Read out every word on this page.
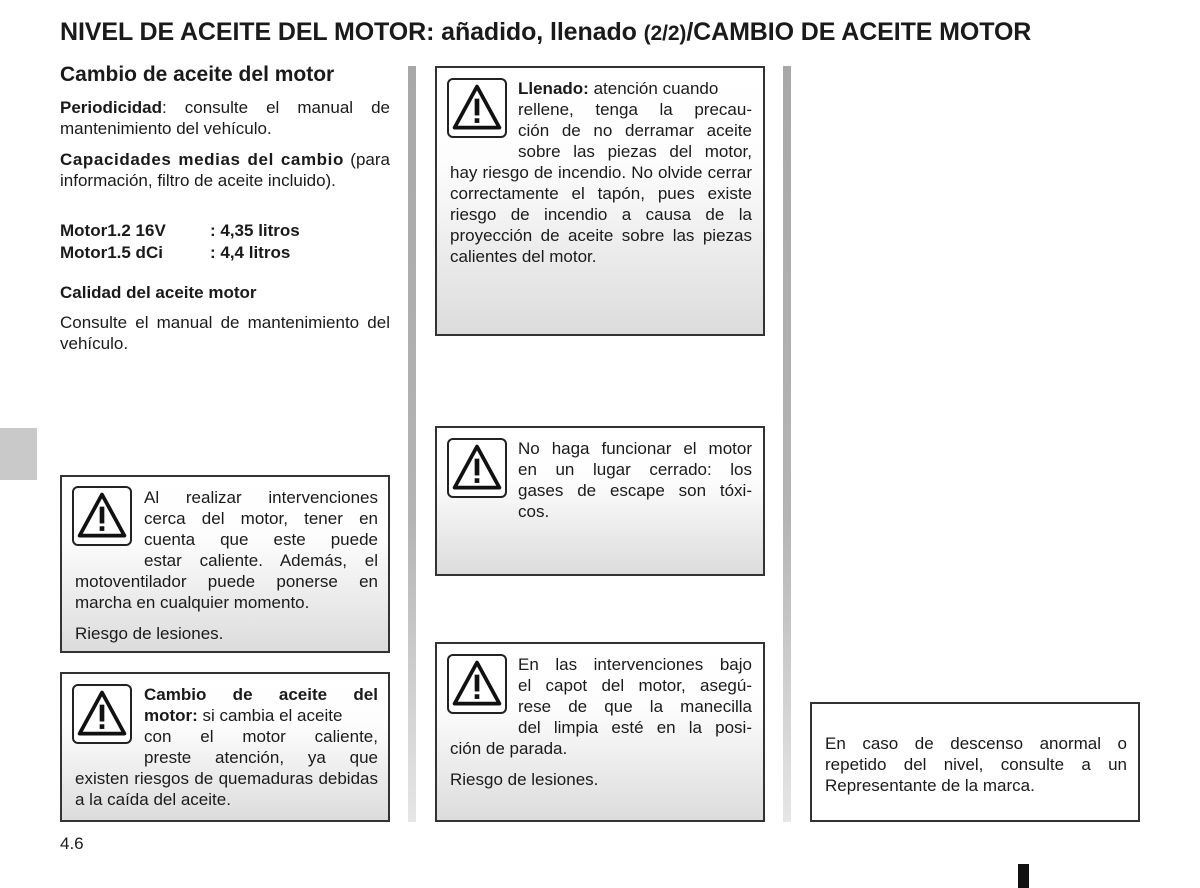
NIVEL DE ACEITE DEL MOTOR: añadido, llenado (2/2)/CAMBIO DE ACEITE MOTOR
Cambio de aceite del motor
Periodicidad: consulte el manual de mantenimiento del vehículo.
Capacidades medias del cambio (para información, filtro de aceite incluido).
Motor1.2 16V	: 4,35 litros
Motor1.5 dCi	: 4,4 litros
Calidad del aceite motor
Consulte el manual de mantenimiento del vehículo.

Al realizar intervenciones

cerca del motor, tener en

cuenta que este puede

estar caliente. Además, el

motoventilador puede ponerse en marcha en cualquier momento.

Riesgo de lesiones.

Cambio de aceite del

motor: si cambia el aceite

con el motor caliente,

preste atención, ya que

existen riesgos de quemaduras debidas a la caída del aceite.

Llenado: atención cuando

rellene, tenga la precau-

ción de no derramar aceite

sobre las piezas del motor,

hay riesgo de incendio. No olvide cerrar correctamente el tapón, pues existe riesgo de incendio a causa de la proyección de aceite sobre las piezas calientes del motor.

No haga funcionar el motor

en un lugar cerrado: los

gases de escape son tóxi-

cos.

En las intervenciones bajo

el capot del motor, asegú-

rese de que la manecilla

del limpia esté en la posi-

ción de parada.

Riesgo de lesiones.

En caso de descenso anormal o repetido del nivel, consulte a un Representante de la marca.
4.6
